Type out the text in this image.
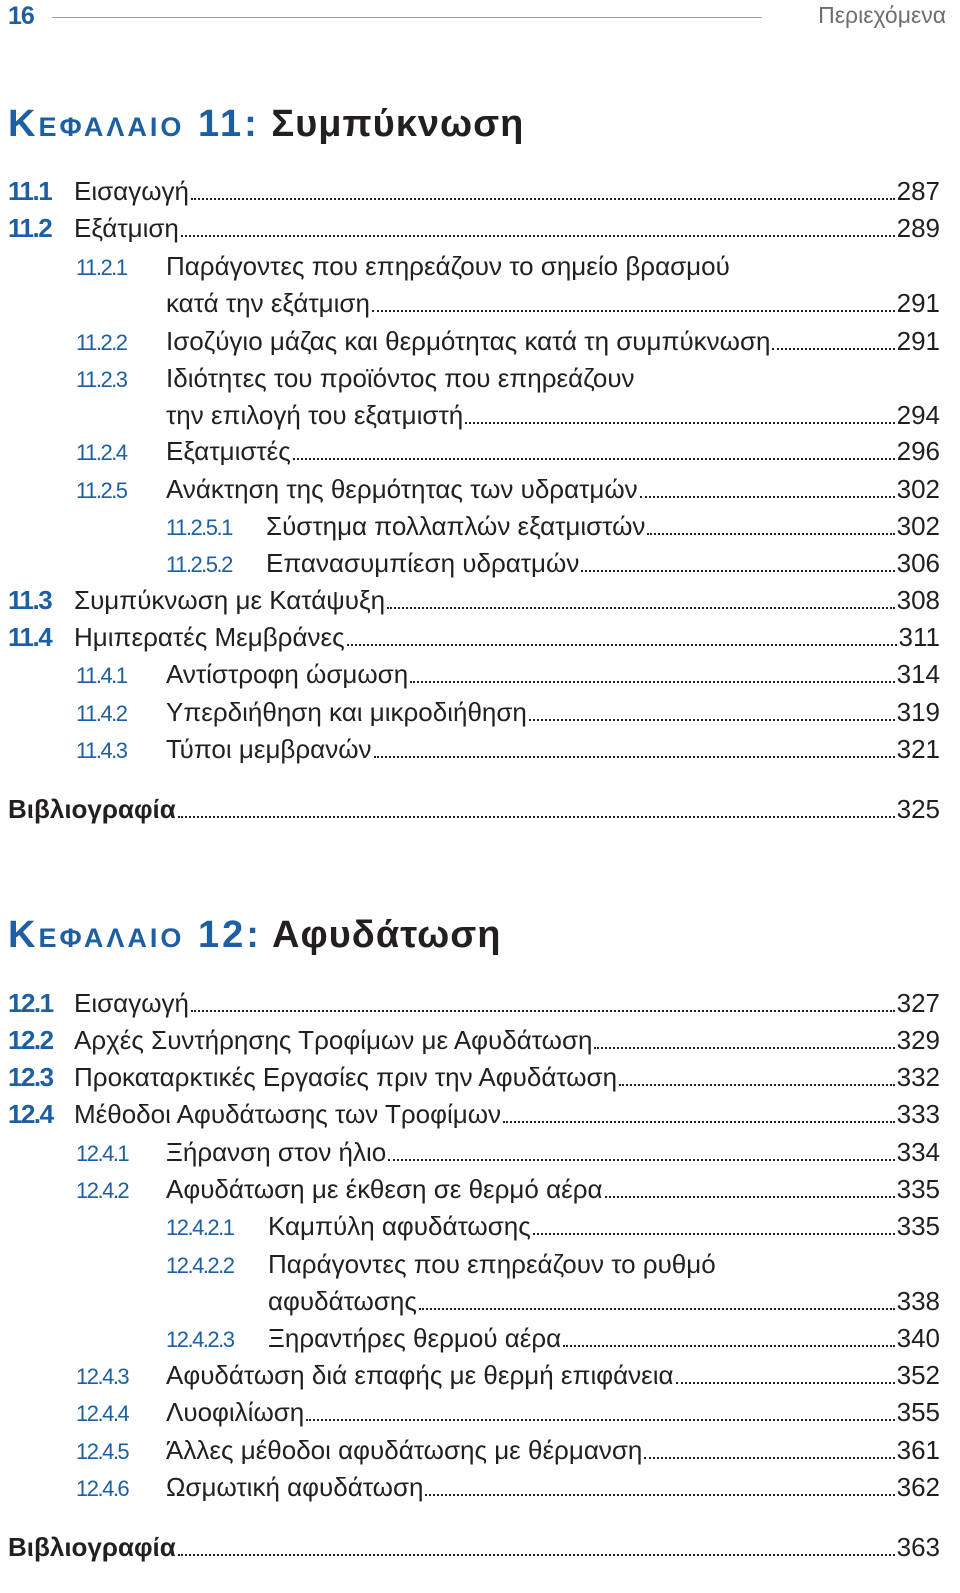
16	Περιεχόμενα
Κεφαλαιο 11: Συμπύκνωση
11.1 Εισαγωγή	287
11.2 Εξάτμιση	289
11.2.1	Παράγοντες που επηρεάζουν το σημείο βρασμού
κατά την εξάτμιση	291
11.2.2	Ισοζύγιο μάζας και θερμότητας κατά τη συμπύκνωση	291
11.2.3	Ιδιότητες του προϊόντος που επηρεάζουν
την επιλογή του εξατμιστή	294
11.2.4	Εξατμιστές	296
11.2.5	Ανάκτηση της θερμότητας των υδρατμών	302
11.2.5.1	Σύστημα πολλαπλών εξατμιστών	302
11.2.5.2	Επανασυμπίεση υδρατμών	306
11.3 Συμπύκνωση με Κατάψυξη	308
11.4 Ημιπερατές Μεμβράνες	311
11.4.1	Αντίστροφη ώσμωση	314
11.4.2	Υπερδιήθηση και μικροδιήθηση	319
11.4.3	Τύποι μεμβρανών	321
Βιβλιογραφία	325
Κεφαλαιο 12: Αφυδάτωση
12.1 Εισαγωγή	327
12.2 Αρχές Συντήρησης Τροφίμων με Αφυδάτωση	329
12.3 Προκαταρκτικές Εργασίες πριν την Αφυδάτωση	332
12.4 Μέθοδοι Αφυδάτωσης των Τροφίμων	333
12.4.1	Ξήρανση στον ήλιο	334
12.4.2	Αφυδάτωση με έκθεση σε θερμό αέρα	335
12.4.2.1	Καμπύλη αφυδάτωσης	335
12.4.2.2	Παράγοντες που επηρεάζουν το ρυθμό
αφυδάτωσης	338
12.4.2.3	Ξηραντήρες θερμού αέρα	340
12.4.3	Αφυδάτωση διά επαφής με θερμή επιφάνεια	352
12.4.4	Λυοφιλίωση	355
12.4.5	Άλλες μέθοδοι αφυδάτωσης με θέρμανση	361
12.4.6	Ωσμωτική αφυδάτωση	362
Βιβλιογραφία	363
